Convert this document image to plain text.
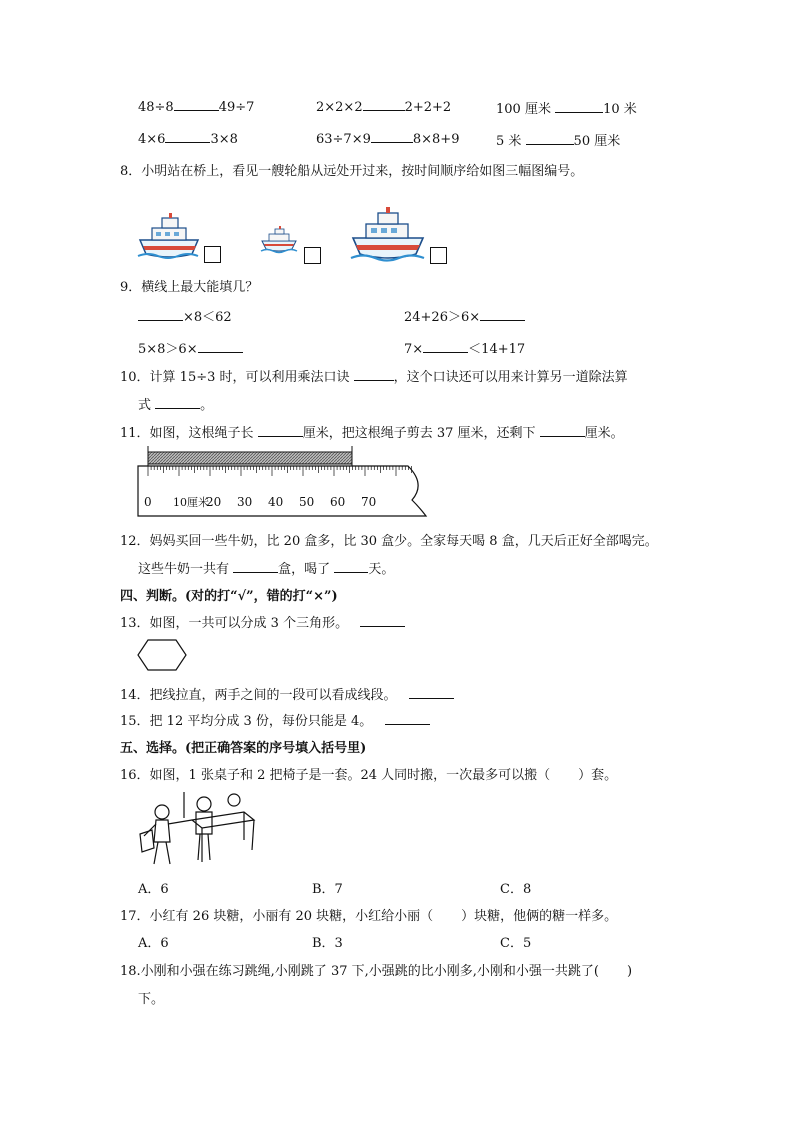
48÷8	49÷7	2×2×2	2+2+2	100 厘米	10 米
4×6	3×8	63÷7×9	8×8+9	5 米	50 厘米
8．小明站在桥上，看见一艘轮船从远处开过来，按时间顺序给如图三幅图编号。
9．横线上最大能填几？
×8＜62	24+26＞6×
5×8＞6×	7×	＜14+17
10．计算 15÷3 时，可以利用乘法口诀	，这个口诀还可以用来计算另一道除法算
式	。
11．如图，这根绳子长	厘米，把这根绳子剪去 37 厘米，还剩下	厘米。
0 10厘米
20 30 40 50 60 70
12．妈妈买回一些牛奶，比 20 盒多，比 30 盒少。全家每天喝 8 盒，几天后正好全部喝完。
这些牛奶一共有	盒，喝了	天。
四、判断。(对的打“√”，错的打“×”)
13．如图，一共可以分成 3 个三角形。
14．把线拉直，两手之间的一段可以看成线段。
15．把 12 平均分成 3 份，每份只能是 4。
五、选择。(把正确答案的序号填入括号里)
16．如图，1 张桌子和 2 把椅子是一套。24 人同时搬，一次最多可以搬（ ）套。
A．6	B．7	C．8
17．小红有 26 块糖，小丽有 20 块糖，小红给小丽（ ）块糖，他俩的糖一样多。
A．6	B．3	C．5
18.小刚和小强在练习跳绳,小刚跳了 37 下,小强跳的比小刚多,小刚和小强一共跳了( )
下。
